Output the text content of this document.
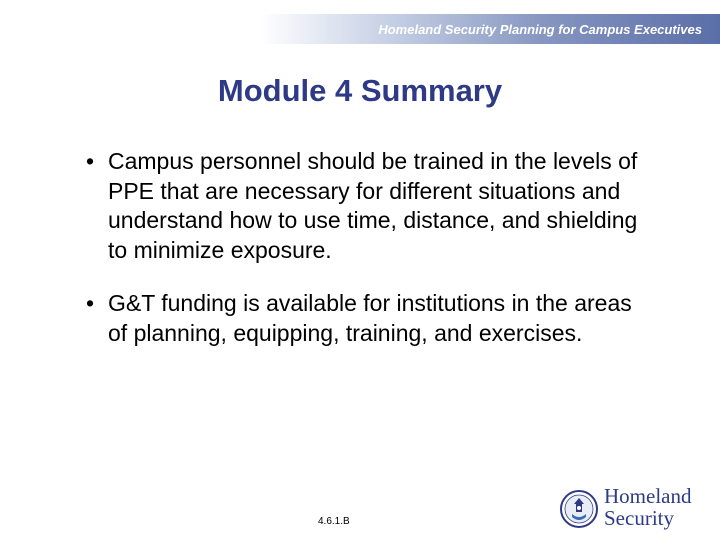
Homeland Security Planning for Campus Executives
Module 4 Summary
• Campus personnel should be trained in the levels of PPE that are necessary for different situations and understand how to use time, distance, and shielding to minimize exposure.
• G&T funding is available for institutions in the areas of planning, equipping, training, and exercises.
4.6.1.B
Homeland
Security
